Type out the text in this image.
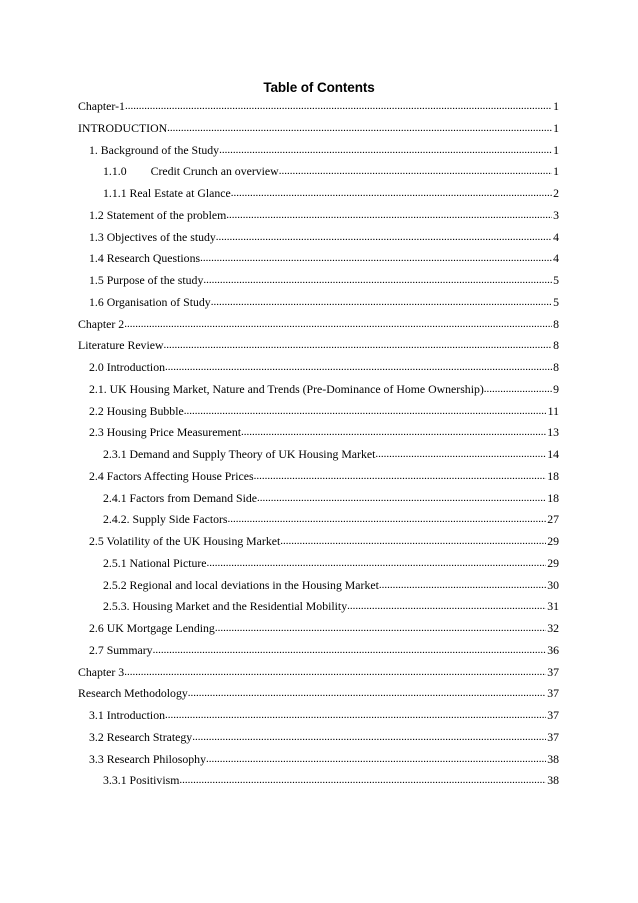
Table of Contents
Chapter-1 .....	1
INTRODUCTION .....	1
1. Background of the Study .....	1
1.1.0 Credit Crunch an overview .....	1
1.1.1 Real Estate at Glance .....	2
1.2 Statement of the problem .....	3
1.3 Objectives of the study .....	4
1.4 Research Questions .....	4
1.5 Purpose of the study .....	5
1.6 Organisation of Study .....	5
Chapter 2 .....	8
Literature Review .....	8
2.0 Introduction .....	8
2.1. UK Housing Market, Nature and Trends (Pre-Dominance of Home Ownership) .....	9
2.2 Housing Bubble .....	11
2.3 Housing Price Measurement .....	13
2.3.1 Demand and Supply Theory of UK Housing Market .....	14
2.4 Factors Affecting House Prices .....	18
2.4.1 Factors from Demand Side .....	18
2.4.2. Supply Side Factors .....	27
2.5 Volatility of the UK Housing Market .....	29
2.5.1 National Picture .....	29
2.5.2 Regional and local deviations in the Housing Market .....	30
2.5.3. Housing Market and the Residential Mobility .....	31
2.6 UK Mortgage Lending .....	32
2.7 Summary .....	36
Chapter 3 .....	37
Research Methodology .....	37
3.1 Introduction .....	37
3.2 Research Strategy .....	37
3.3 Research Philosophy .....	38
3.3.1 Positivism .....	38
